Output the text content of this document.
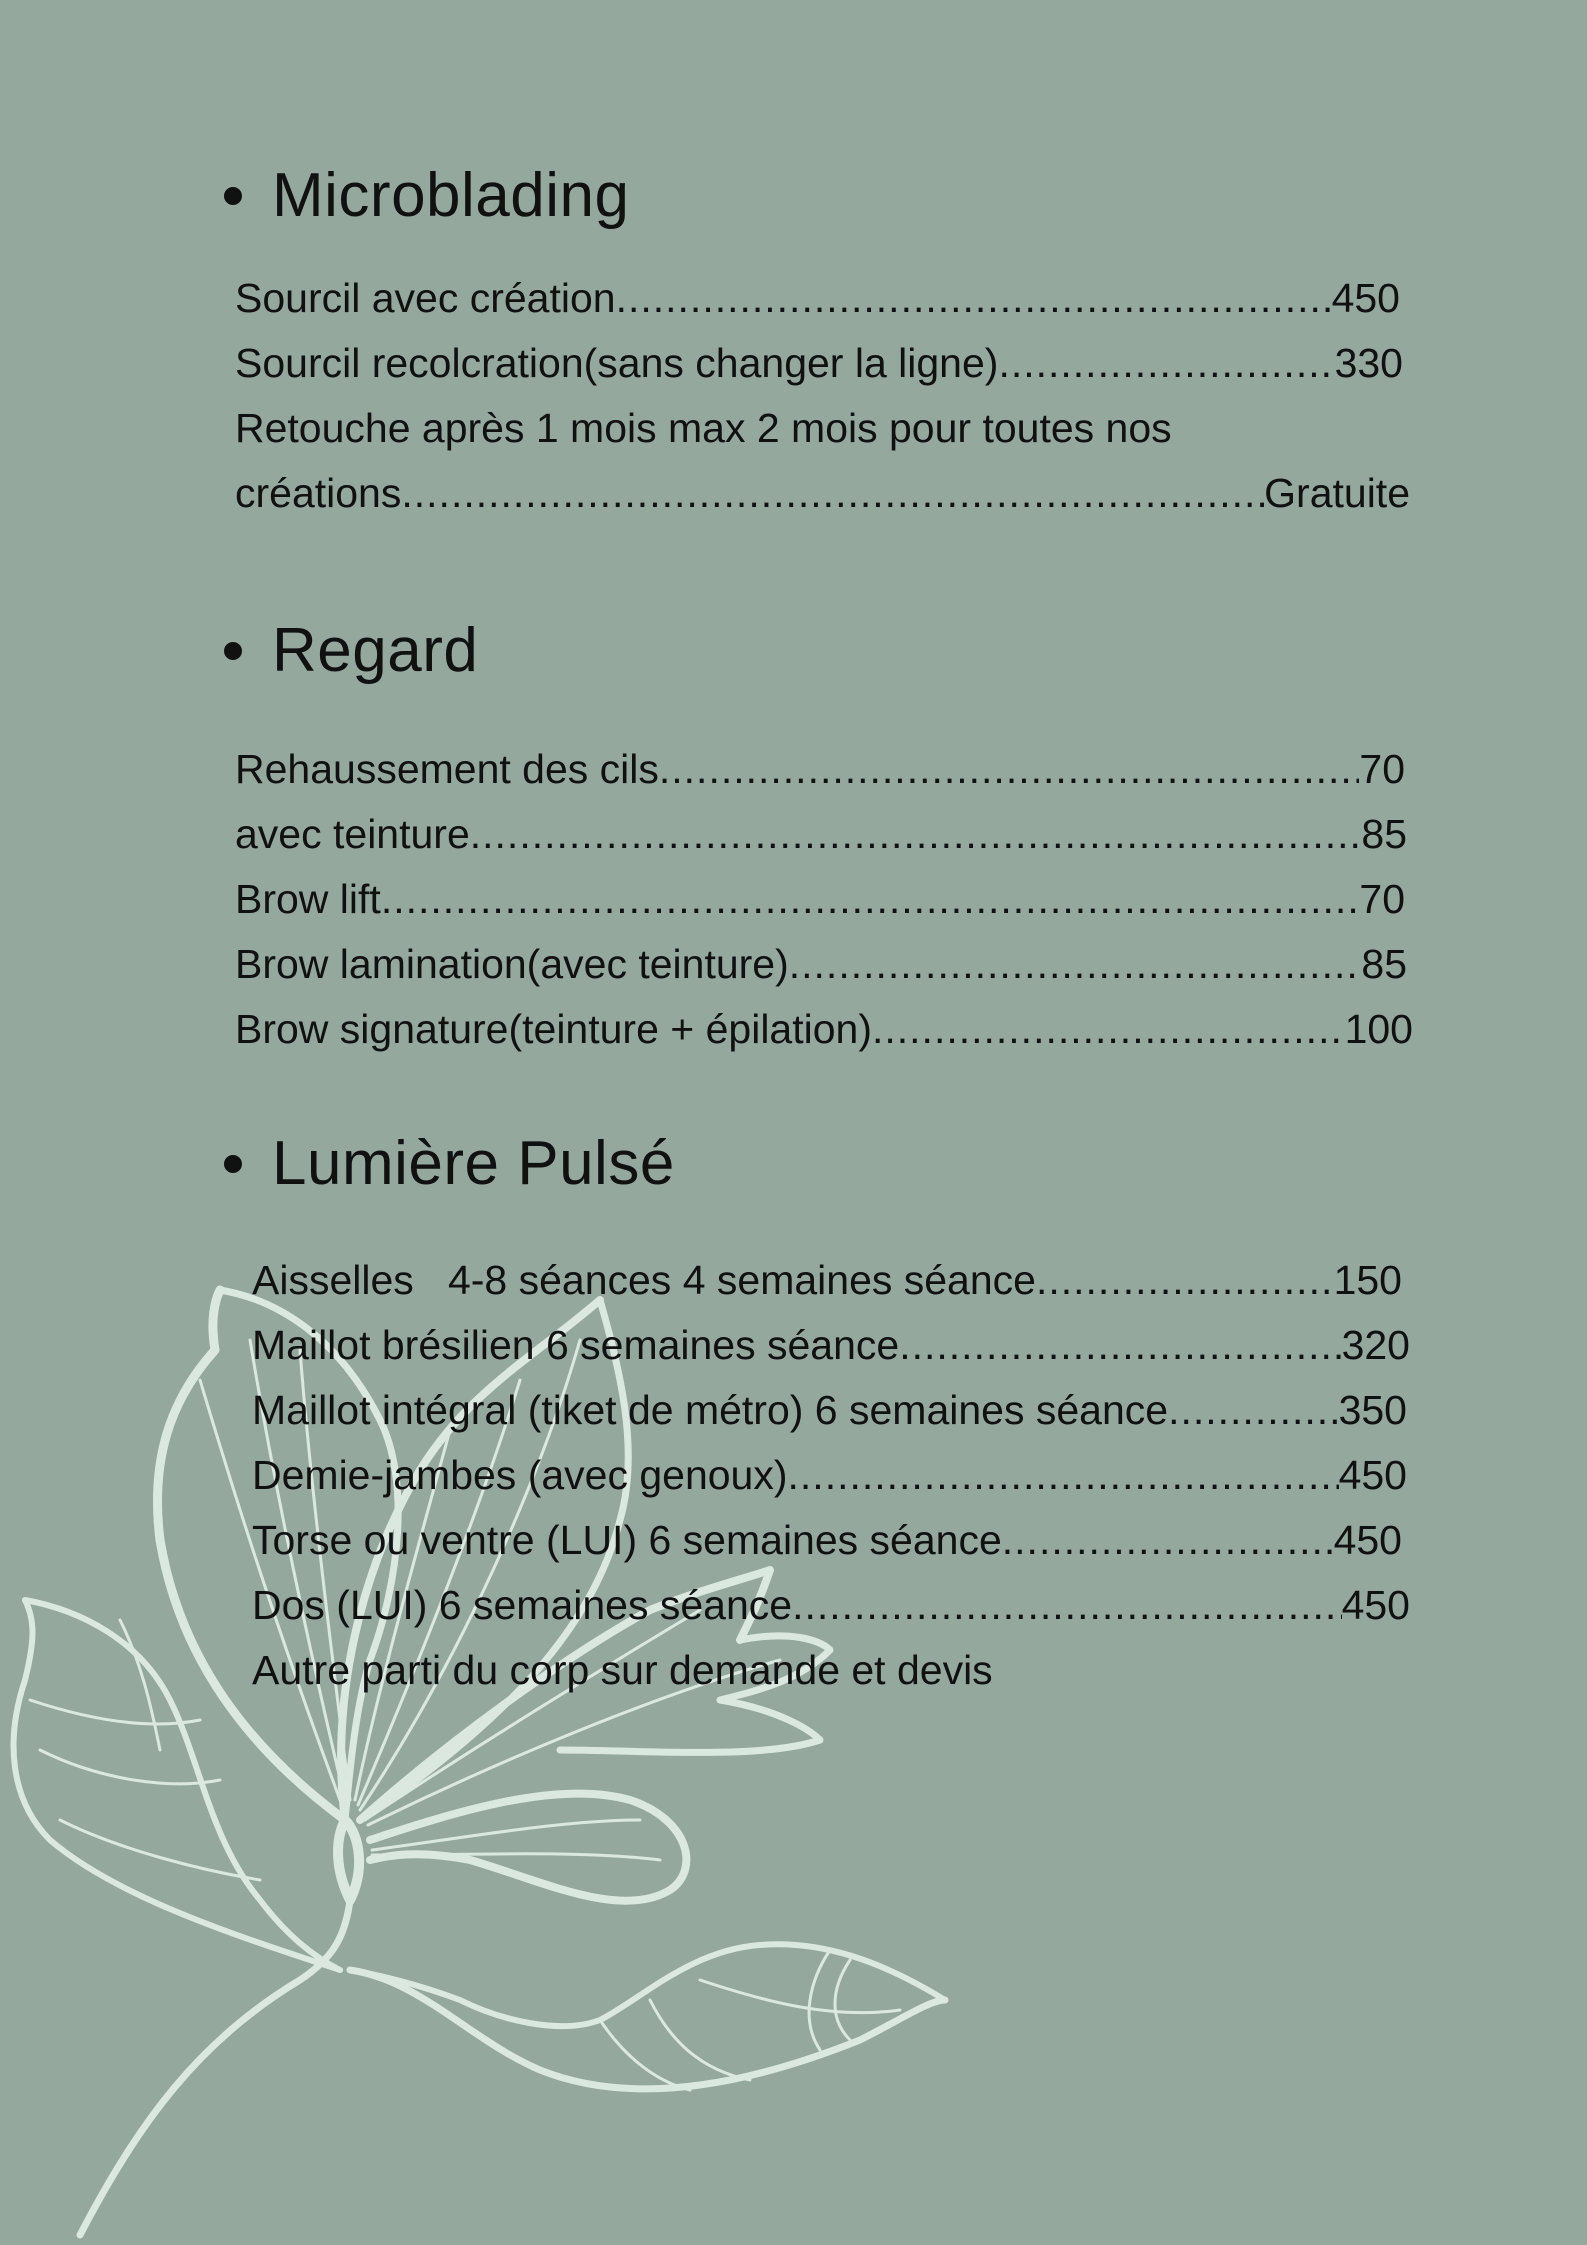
Microblading
Sourcil avec création .....	450
Sourcil recolcration(sans changer la ligne) .....	330
Retouche après 1 mois max 2 mois pour toutes nos
créations .....	Gratuite
Regard
Rehaussement des cils .....	70
avec teinture .....	85
Brow lift .....	70
Brow lamination(avec teinture) .....	85
Brow signature(teinture + épilation) .....	100
Lumière Pulsé
Aisselles   4-8 séances 4 semaines séance .....	150
Maillot brésilien 6 semaines séance .....	320
Maillot intégral (tiket de métro) 6 semaines séance .....	350
Demie-jambes (avec genoux) .....	450
Torse ou ventre (LUI) 6 semaines séance .....	450
Dos (LUI) 6 semaines séance .....	450
Autre parti du corp sur demande et devis
